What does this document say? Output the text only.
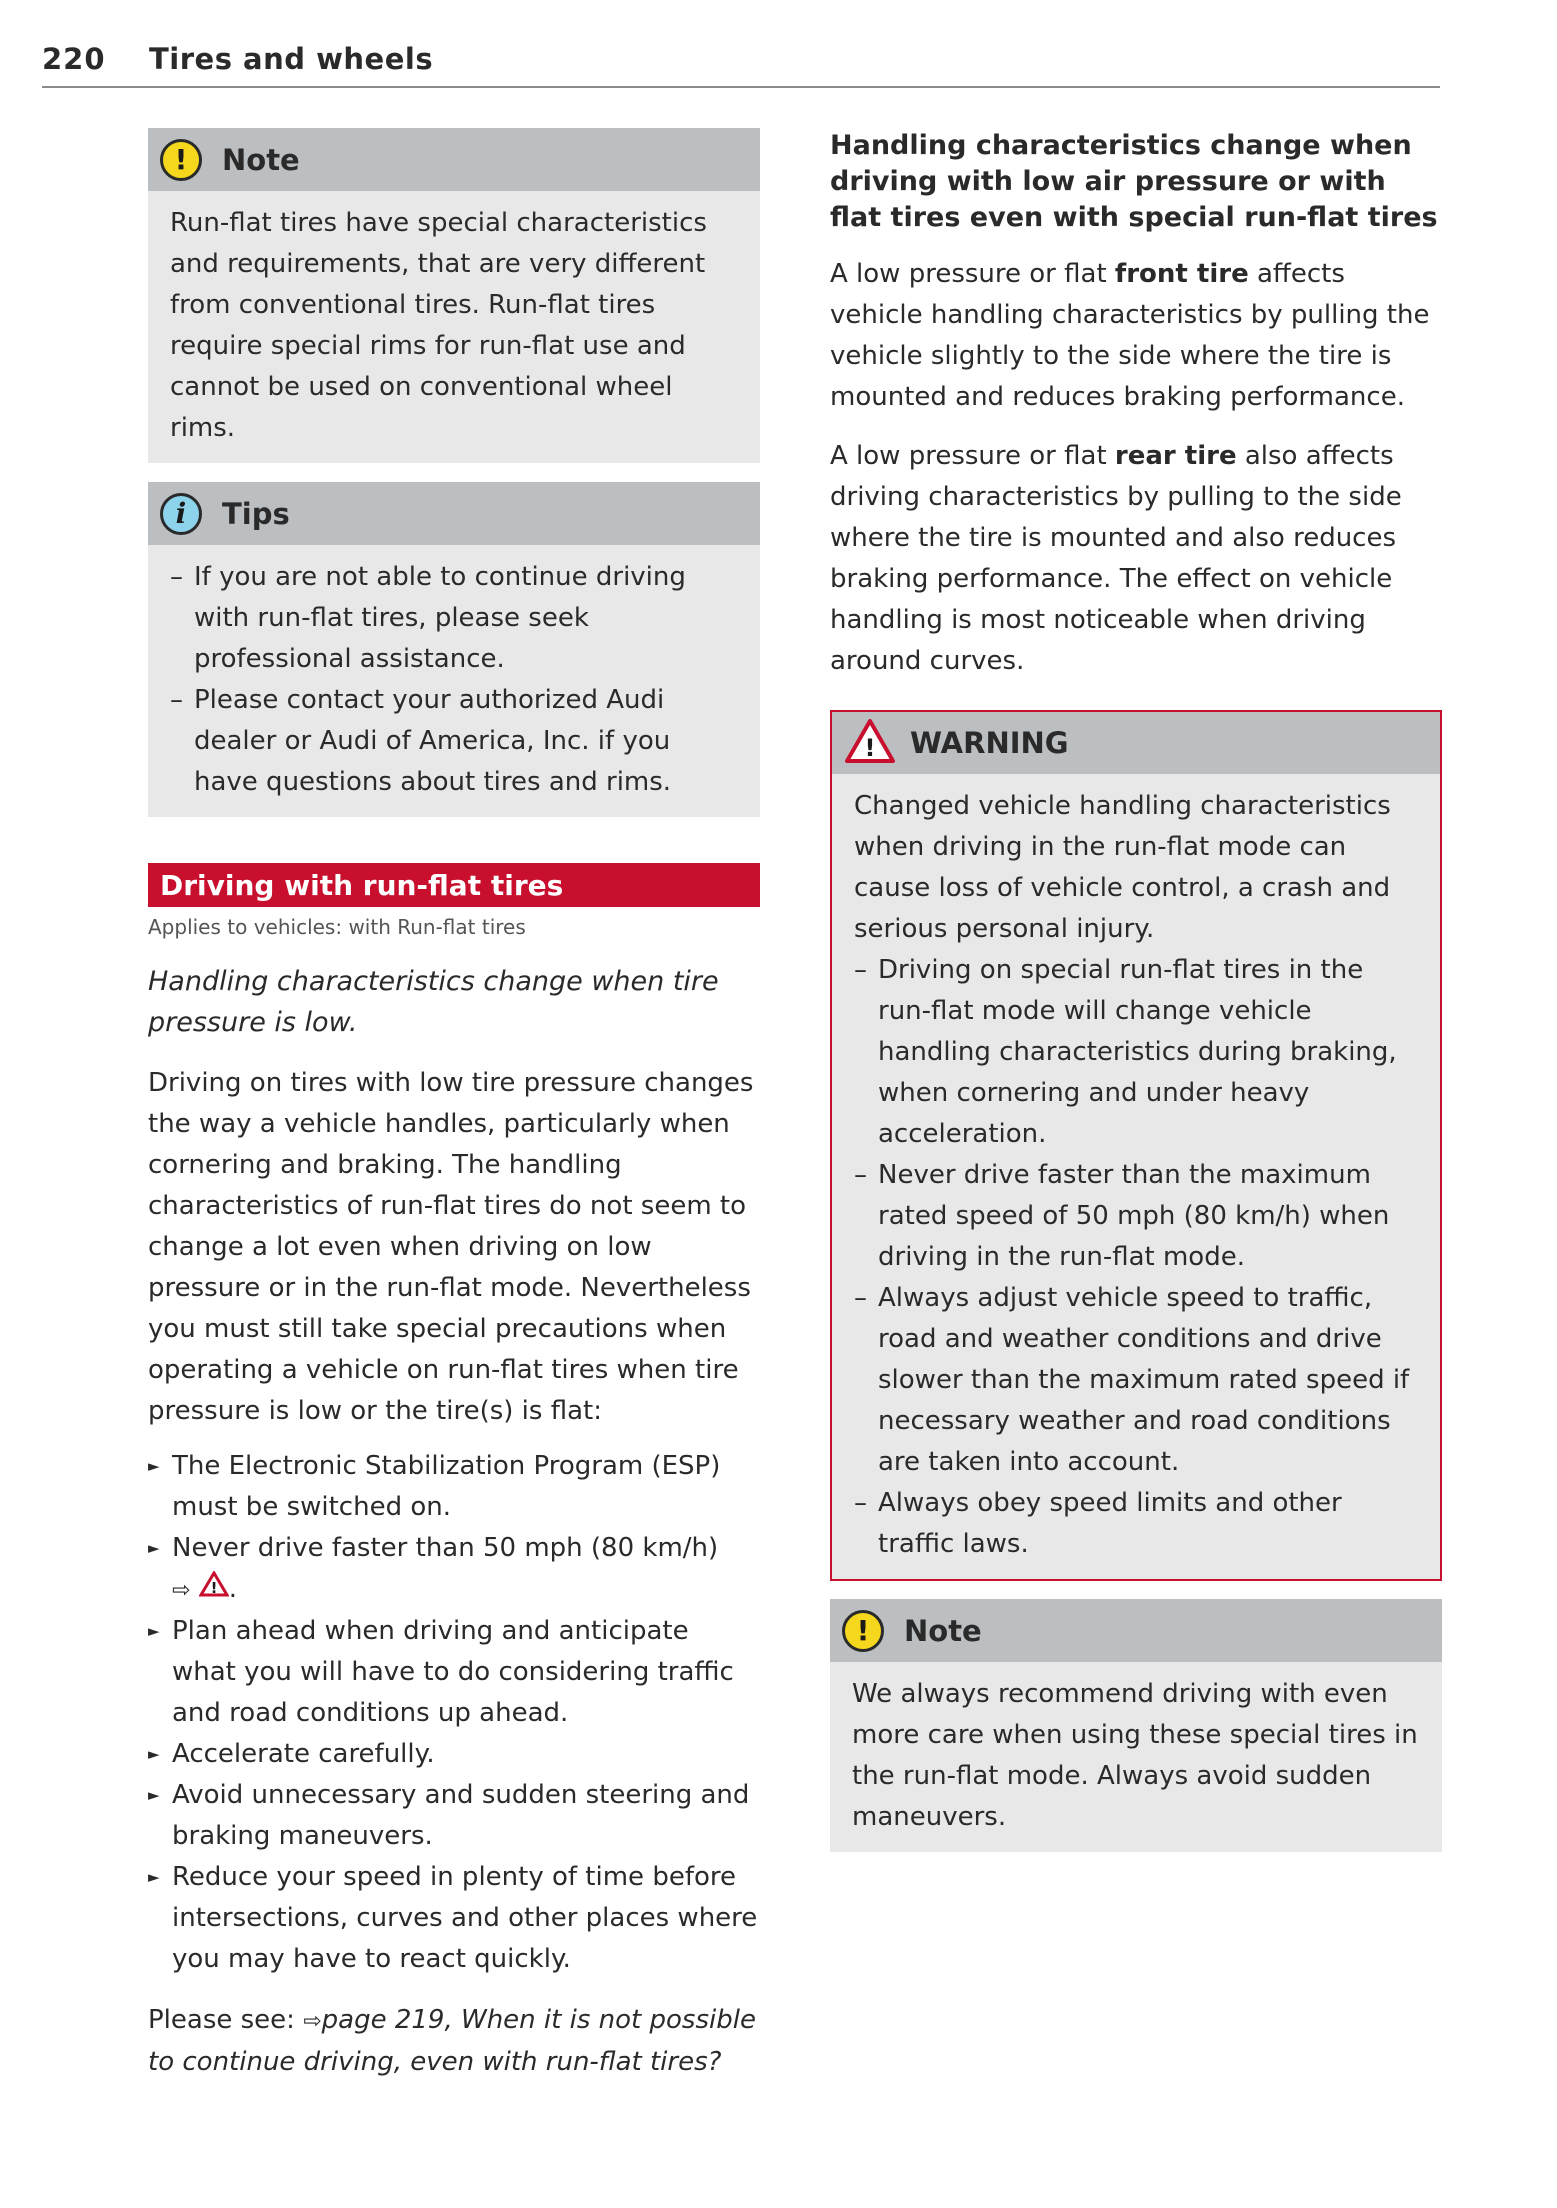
220 Tires and wheels
!	Note
Run-flat tires have special characteristics and requirements, that are very different from conventional tires. Run-flat tires require special rims for run-flat use and cannot be used on conventional wheel rims.
i	Tips
– If you are not able to continue driving with run-flat tires, please seek professional assistance.
– Please contact your authorized Audi dealer or Audi of America, Inc. if you have questions about tires and rims.
Driving with run-flat tires
Applies to vehicles: with Run-flat tires
Handling characteristics change when tire pressure is low.
Driving on tires with low tire pressure changes the way a vehicle handles, particularly when cornering and braking. The handling characteristics of run-flat tires do not seem to change a lot even when driving on low pressure or in the run-flat mode. Nevertheless you must still take special precautions when operating a vehicle on run-flat tires when tire pressure is low or the tire(s) is flat:
► The Electronic Stabilization Program (ESP) must be switched on.
► Never drive faster than 50 mph (80 km/h)
⇨ ! .
► Plan ahead when driving and anticipate what you will have to do considering traffic and road conditions up ahead.
► Accelerate carefully.
► Avoid unnecessary and sudden steering and braking maneuvers.
► Reduce your speed in plenty of time before intersections, curves and other places where you may have to react quickly.
Please see: ⇨page 219, When it is not possible to continue driving, even with run-flat tires?
Handling characteristics change when driving with low air pressure or with flat tires even with special run-flat tires
A low pressure or flat front tire affects vehicle handling characteristics by pulling the vehicle slightly to the side where the tire is mounted and reduces braking performance.
A low pressure or flat rear tire also affects driving characteristics by pulling to the side where the tire is mounted and also reduces braking performance. The effect on vehicle handling is most noticeable when driving around curves.
! WARNING
Changed vehicle handling characteristics when driving in the run-flat mode can cause loss of vehicle control, a crash and serious personal injury.
– Driving on special run-flat tires in the run-flat mode will change vehicle handling characteristics during braking, when cornering and under heavy acceleration.
– Never drive faster than the maximum rated speed of 50 mph (80 km/h) when driving in the run-flat mode.
– Always adjust vehicle speed to traffic, road and weather conditions and drive slower than the maximum rated speed if necessary weather and road conditions are taken into account.
– Always obey speed limits and other traffic laws.
!	Note
We always recommend driving with even more care when using these special tires in the run-flat mode. Always avoid sudden maneuvers.
